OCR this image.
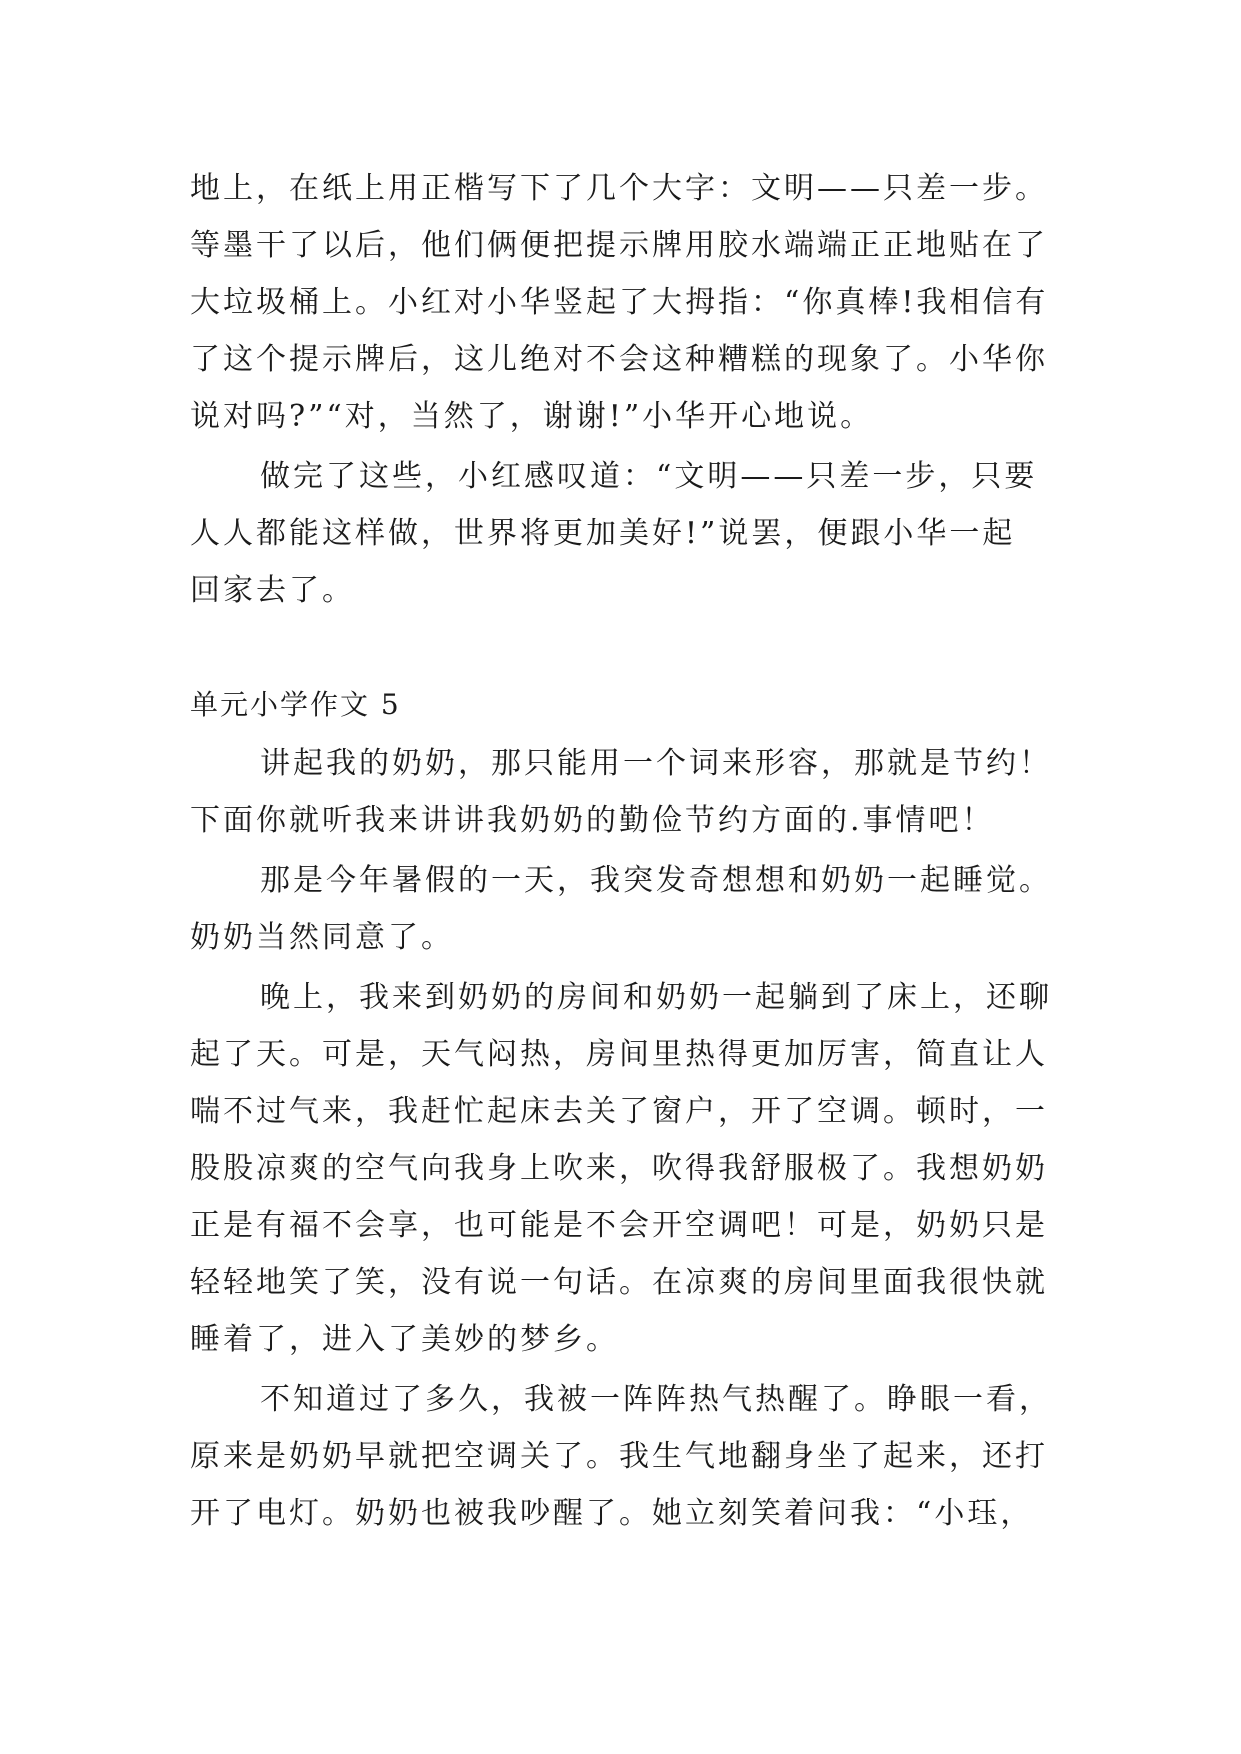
地上，在纸上用正楷写下了几个大字：文明——只差一步。
等墨干了以后，他们俩便把提示牌用胶水端端正正地贴在了
大垃圾桶上。小红对小华竖起了大拇指：“你真棒!我相信有
了这个提示牌后，这儿绝对不会这种糟糕的现象了。小华你
说对吗?”“对，当然了，谢谢!”小华开心地说。
做完了这些，小红感叹道：“文明——只差一步，只要
人人都能这样做，世界将更加美好!”说罢，便跟小华一起
回家去了。
单元小学作文 5
讲起我的奶奶，那只能用一个词来形容，那就是节约！
下面你就听我来讲讲我奶奶的勤俭节约方面的.事情吧！
那是今年暑假的一天，我突发奇想想和奶奶一起睡觉。
奶奶当然同意了。
晚上，我来到奶奶的房间和奶奶一起躺到了床上，还聊
起了天。可是，天气闷热，房间里热得更加厉害，简直让人
喘不过气来，我赶忙起床去关了窗户，开了空调。顿时，一
股股凉爽的空气向我身上吹来，吹得我舒服极了。我想奶奶
正是有福不会享，也可能是不会开空调吧！可是，奶奶只是
轻轻地笑了笑，没有说一句话。在凉爽的房间里面我很快就
睡着了，进入了美妙的梦乡。
不知道过了多久，我被一阵阵热气热醒了。睁眼一看，
原来是奶奶早就把空调关了。我生气地翻身坐了起来，还打
开了电灯。奶奶也被我吵醒了。她立刻笑着问我：“小珏，
